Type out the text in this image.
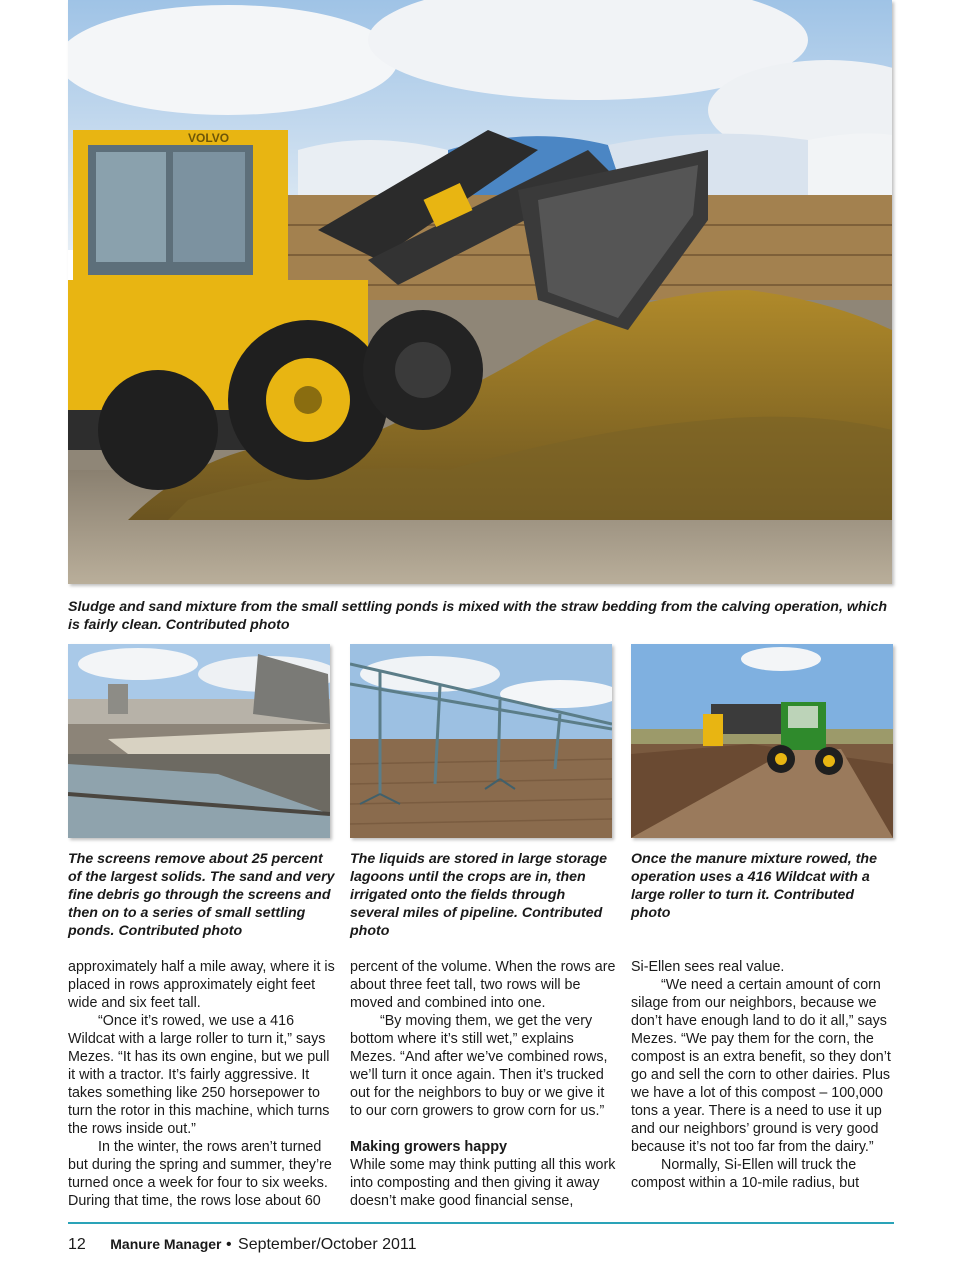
VOLVO

Sludge and sand mixture from the small settling ponds is mixed with the straw bedding from the calving operation, which is fairly clean. Contributed photo

The screens remove about 25 percent of the largest solids. The sand and very fine debris go through the screens and then on to a series of small settling ponds. Contributed photo

The liquids are stored in large storage lagoons until the crops are in, then irrigated onto the fields through several miles of pipeline. Contributed photo

Once the manure mixture rowed, the operation uses a 416 Wildcat with a large roller to turn it. Contributed photo

approximately half a mile away, where it is placed in rows approximately eight feet wide and six feet tall.

“Once it’s rowed, we use a 416 Wildcat with a large roller to turn it,” says Mezes. “It has its own engine, but we pull it with a tractor. It’s fairly aggressive. It takes something like 250 horsepower to turn the rotor in this machine, which turns the rows inside out.”

In the winter, the rows aren’t turned but during the spring and summer, they’re turned once a week for four to six weeks. During that time, the rows lose about 60

percent of the volume. When the rows are about three feet tall, two rows will be moved and combined into one.

“By moving them, we get the very bottom where it’s still wet,” explains Mezes. “And after we’ve combined rows, we’ll turn it once again. Then it’s trucked out for the neighbors to buy or we give it to our corn growers to grow corn for us.”

Making growers happy

While some may think putting all this work into composting and then giving it away doesn’t make good financial sense,

Si-Ellen sees real value.

“We need a certain amount of corn silage from our neighbors, because we don’t have enough land to do it all,” says Mezes. “We pay them for the corn, the compost is an extra benefit, so they don’t go and sell the corn to other dairies. Plus we have a lot of this compost – 100,000 tons a year. There is a need to use it up and our neighbors’ ground is very good because it’s not too far from the dairy.”

Normally, Si-Ellen will truck the compost within a 10-mile radius, but

12 Manure Manager • September/October 2011
